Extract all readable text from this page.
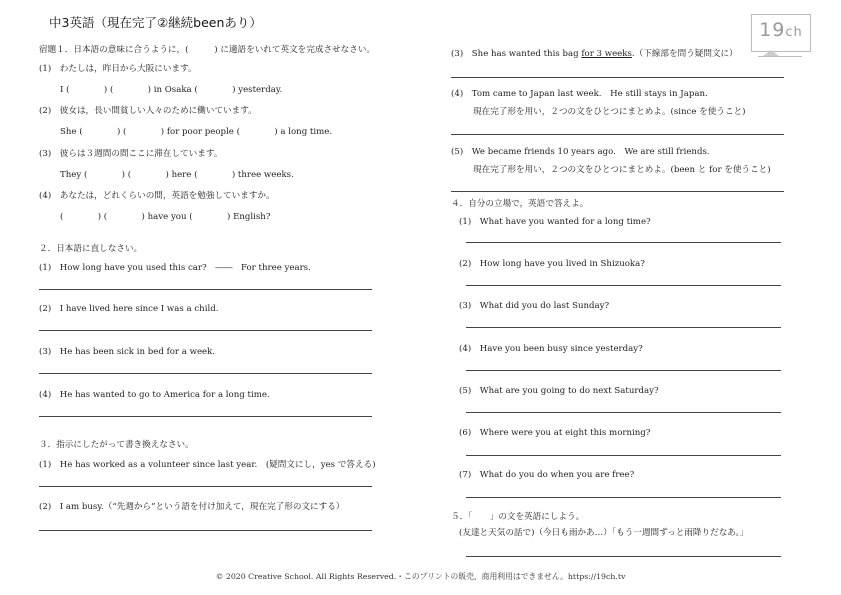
中3英語（現在完了②継続beenあり）	19ch
宿題１．日本語の意味に合うように，(　　　) に適語をいれて英文を完成させなさい。
(1)　わたしは，昨日から大阪にいます。
I (　　　　) (　　　　) in Osaka (　　　　) yesterday.
(2)　彼女は，長い間貧しい人々のために働いています。
She (　　　　) (　　　　) for poor people (　　　　) a long time.
(3)　彼らは３週間の間ここに滞在しています。
They (　　　　) (　　　　) here (　　　　) three weeks.
(4)　あなたは，どれくらいの間，英語を勉強していますか。
(　　　　) (　　　　) have you (　　　　) English?
２．日本語に直しなさい。
(1)　How long have you used this car?　――　For three years.
(2)　I have lived here since I was a child.
(3)　He has been sick in bed for a week.
(4)　He has wanted to go to America for a long time.
３．指示にしたがって書き換えなさい。
(1)　He has worked as a volunteer since last year.　(疑問文にし，yes で答える)
(2)　I am busy.（“先週から”という語を付け加えて，現在完了形の文にする）
(3)　She has wanted this bag for 3 weeks.（下線部を問う疑問文に）
(4)　Tom came to Japan last week.　He still stays in Japan.
現在完了形を用い，２つの文をひとつにまとめよ。(since を使うこと)
(5)　We became friends 10 years ago.　We are still friends.
現在完了形を用い，２つの文をひとつにまとめよ。(been と for を使うこと)
４．自分の立場で，英語で答えよ。
(1)　What have you wanted for a long time?
(2)　How long have you lived in Shizuoka?
(3)　What did you do last Sunday?
(4)　Have you been busy since yesterday?
(5)　What are you going to do next Saturday?
(6)　Where were you at eight this morning?
(7)　What do you do when you are free?
５．「　　」の文を英語にしよう。
(友達と天気の話で)（今日も雨かあ…）「もう一週間ずっと雨降りだなあ。」
© 2020 Creative School. All Rights Reserved.・このプリントの販売，商用利用はできません。https://19ch.tv
